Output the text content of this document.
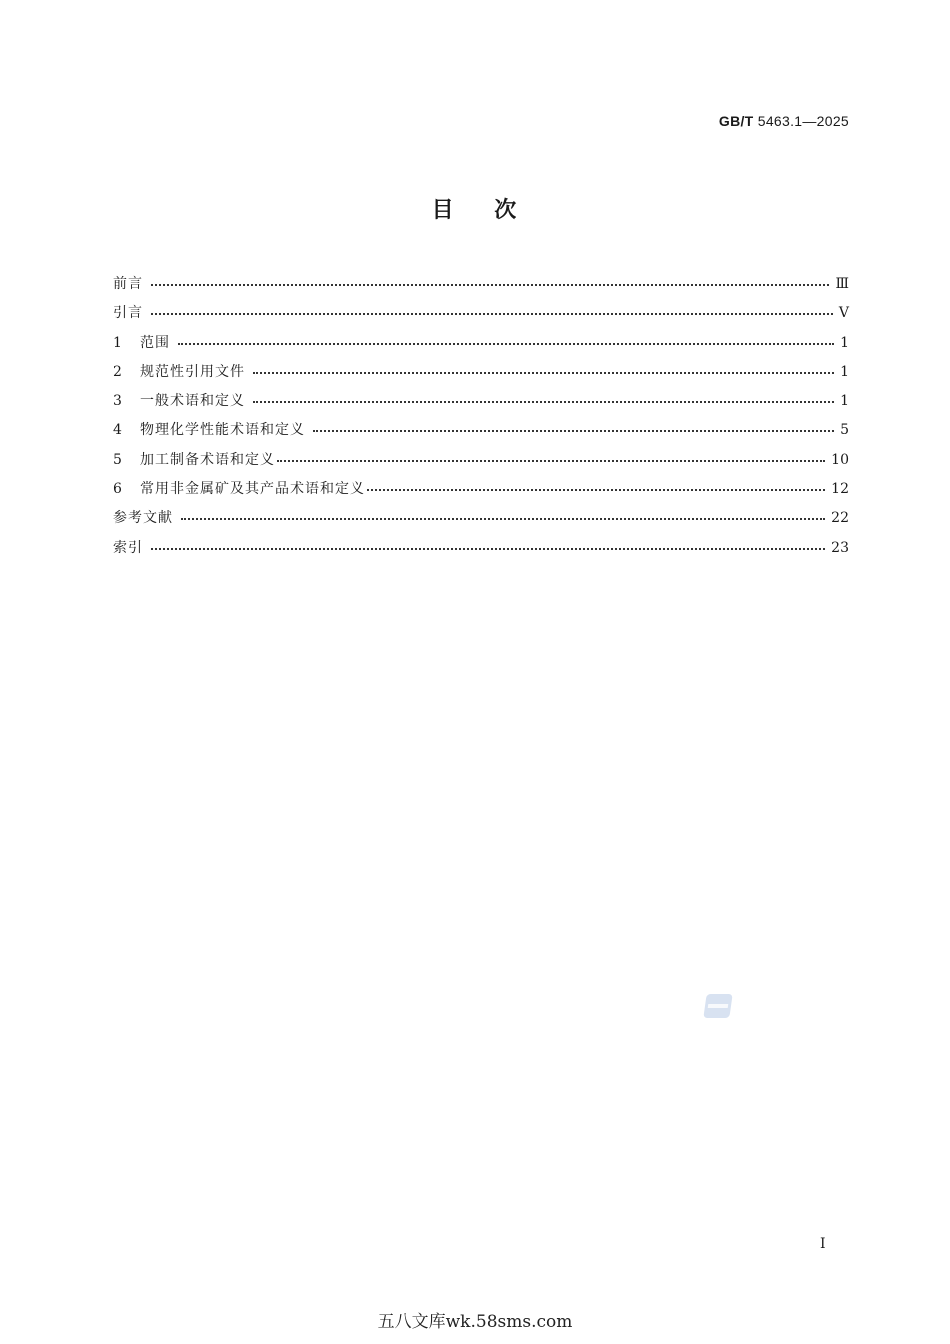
GB/T 5463.1—2025
目    次
前言	Ⅲ
引言	Ⅴ
1	范围	1
2	规范性引用文件	1
3	一般术语和定义	1
4	物理化学性能术语和定义	5
5	加工制备术语和定义	10
6	常用非金属矿及其产品术语和定义	12
参考文献	22
索引	23
Ⅰ
五八文库wk.58sms.com
